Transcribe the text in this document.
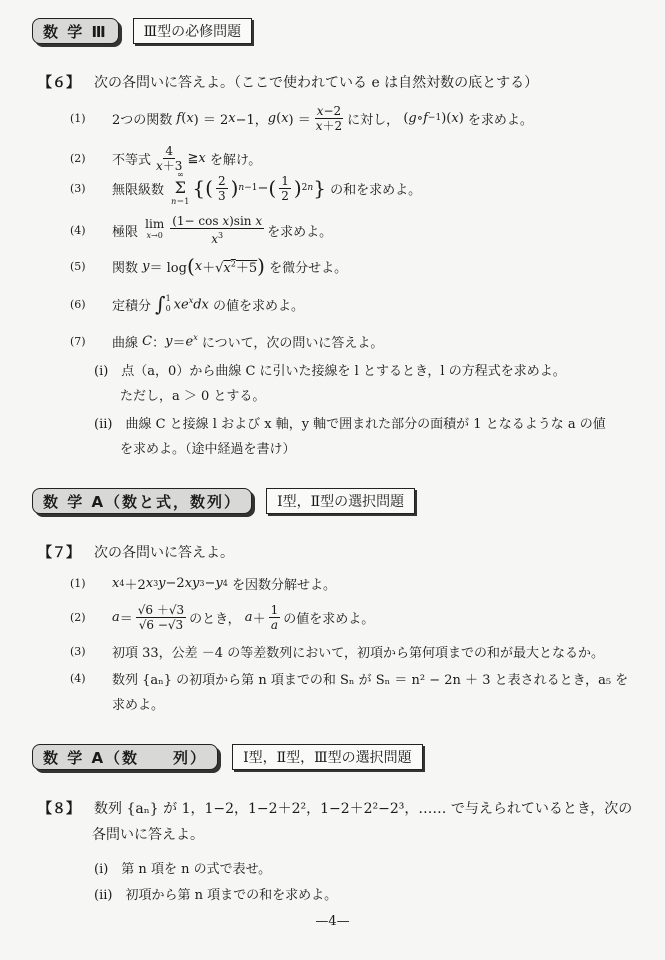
数 学 Ⅲ	Ⅲ型の必修問題
【６】 次の各問いに答えよ。（ここで使われている e は自然対数の底とする）
(1)	2つの関数
f ( x ) ＝ 2 x −1， g ( x ) ＝ $\frac{x-2}{x+2}$ に対し， ( g ∘ f −1 )( x ) を求めよ。
(2)	不等式 $\frac{4}{x+3}$ ≧ x
を解け。
(3)	無限級数

∞
Σ
n＝1
{ ( $\frac{2}{3}$ ) n−1 − ( $\frac{1}{2}$ ) 2n }
の和を求めよ。
(4)	極限

lim
$x\to 0 \frac{\text{(1− cos x)sin x}}{x^3}$ を求めよ。
(5)	関数
y ＝ log ( x ＋√ $x^2+5$ )
を微分せよ。
(6)	定積分
∫ 1
0 $xe^xdx$
の値を求めよ。
(7)	曲線
C ： $y = e^x$
について，次の問いに答えよ。
(i)　点（a，0）から曲線 C に引いた接線を l とするとき，l の方程式を求めよ。
ただし，a ＞ 0 とする。
(ii)　曲線 C と接線 l および x 軸，y 軸で囲まれた部分の面積が 1 となるような a の値
を求めよ。（途中経過を書け）
数 学 A（数と式，数列）	Ⅰ型，Ⅱ型の選択問題
【７】 次の各問いに答えよ。
(1)	x 4 ＋2 x 3 y −2 xy 3 − y 4
を因数分解せよ。
(2)	$a = \frac{√6 +√3}{√6 -√3}$ のとき，
$a + \frac{1}{a}$ の値を求めよ。
(3)	初項 33，公差 －4 の等差数列において，初項から第何項までの和が最大となるか。
(4)	数列 {aₙ} の初項から第 n 項までの和 Sₙ が Sₙ ＝ n² − 2n ＋ 3 と表されるとき，a₅ を
求めよ。
数 学 A（数　　列）	Ⅰ型，Ⅱ型，Ⅲ型の選択問題
【８】 数列 {aₙ} が 1，1−2，1−2＋2²，1−2＋2²−2³，…… で与えられているとき，次の
各問いに答えよ。
(i)　第 n 項を n の式で表せ。
(ii)　初項から第 n 項までの和を求めよ。
—4—
